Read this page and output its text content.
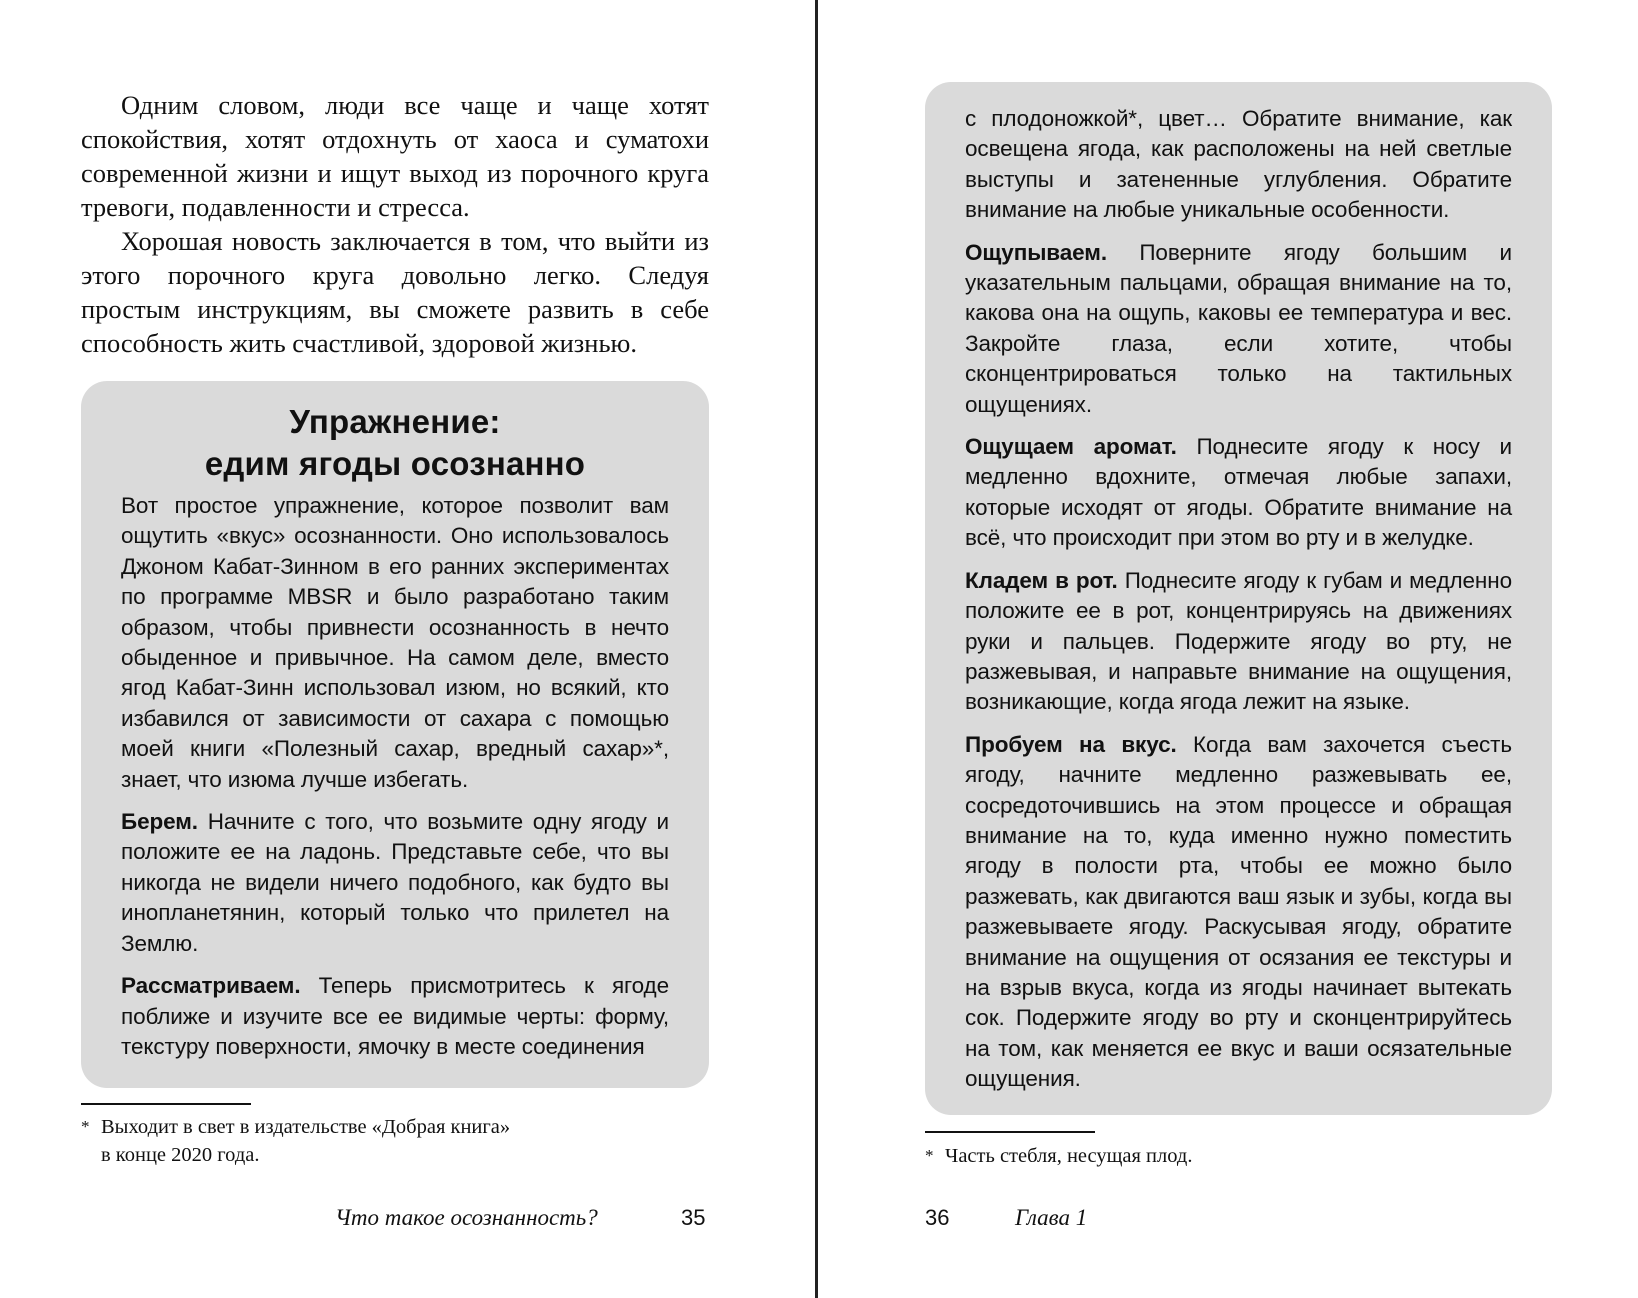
Одним словом, люди все чаще и чаще хотят спокойствия, хотят отдохнуть от хаоса и суматохи современной жизни и ищут выход из порочного круга тревоги, подавленности и стресса.

Хорошая новость заключается в том, что выйти из этого порочного круга довольно легко. Следуя простым инструкциям, вы сможете развить в себе способность жить счастливой, здоровой жизнью.

Упражнение:
едим ягоды осознанно

Вот простое упражнение, которое позволит вам ощутить «вкус» осознанности. Оно использовалось Джоном Кабат-Зинном в его ранних экспериментах по программе MBSR и было разработано таким образом, чтобы привнести осознанность в нечто обыденное и привычное. На самом деле, вместо ягод Кабат-Зинн использовал изюм, но всякий, кто избавился от зависимости от сахара с помощью моей книги «Полезный сахар, вредный сахар»*, знает, что изюма лучше избегать.

Берем. Начните с того, что возьмите одну ягоду и положите ее на ладонь. Представьте себе, что вы никогда не видели ничего подобного, как будто вы инопланетянин, который только что прилетел на Землю.

Рассматриваем. Теперь присмотритесь к ягоде поближе и изучите все ее видимые черты: форму, текстуру поверхности, ямочку в месте соединения

* Выходит в свет в издательстве «Добрая книга»
в конце 2020 года.
Что такое осознанность?	35

с плодоножкой*, цвет… Обратите внимание, как освещена ягода, как расположены на ней светлые выступы и затененные углубления. Обратите внимание на любые уникальные особенности.

Ощупываем. Поверните ягоду большим и указательным пальцами, обращая внимание на то, какова она на ощупь, каковы ее температура и вес. Закройте глаза, если хотите, чтобы сконцентрироваться только на тактильных ощущениях.

Ощущаем аромат. Поднесите ягоду к носу и медленно вдохните, отмечая любые запахи, которые исходят от ягоды. Обратите внимание на всё, что происходит при этом во рту и в желудке.

Кладем в рот. Поднесите ягоду к губам и медленно положите ее в рот, концентрируясь на движениях руки и пальцев. Подержите ягоду во рту, не разжевывая, и направьте внимание на ощущения, возникающие, когда ягода лежит на языке.

Пробуем на вкус. Когда вам захочется съесть ягоду, начните медленно разжевывать ее, сосредоточившись на этом процессе и обращая внимание на то, куда именно нужно поместить ягоду в полости рта, чтобы ее можно было разжевать, как двигаются ваш язык и зубы, когда вы разжевываете ягоду. Раскусывая ягоду, обратите внимание на ощущения от осязания ее текстуры и на взрыв вкуса, когда из ягоды начинает вытекать сок. Подержите ягоду во рту и сконцентрируйтесь на том, как меняется ее вкус и ваши осязательные ощущения.

* Часть стебля, несущая плод.
36	Глава 1
